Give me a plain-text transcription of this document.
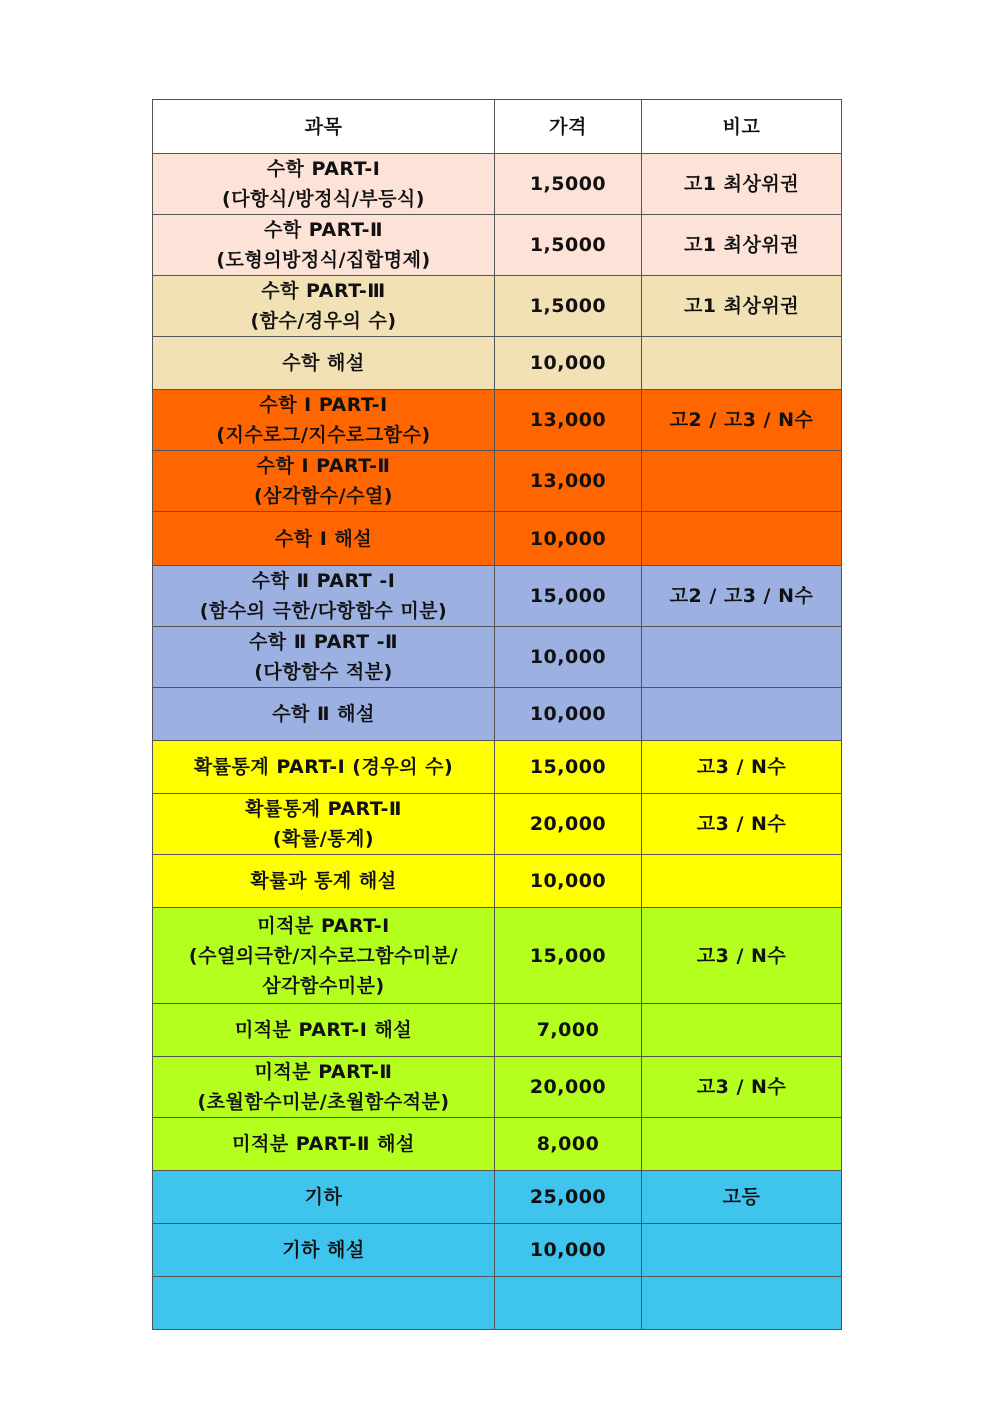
과목	가격	비고

수학 PART-Ⅰ
(다항식/방정식/부등식)	1,5000	고1 최상위권

수학 PART-Ⅱ
(도형의방정식/집합명제)	1,5000	고1 최상위권

수학 PART-Ⅲ
(함수/경우의 수)	1,5000	고1 최상위권

수학 해설	10,000	

수학 Ⅰ PART-Ⅰ
(지수로그/지수로그함수)	13,000	고2 / 고3 / N수

수학 Ⅰ PART-Ⅱ
(삼각함수/수열)	13,000	

수학 Ⅰ 해설	10,000	

수학 Ⅱ PART -Ⅰ
(함수의 극한/다항함수 미분)	15,000	고2 / 고3 / N수

수학 Ⅱ PART -Ⅱ
(다항함수 적분)	10,000	

수학 Ⅱ 해설	10,000	

확률통계 PART-Ⅰ (경우의 수)	15,000	고3 / N수

확률통계 PART-Ⅱ
(확률/통계)	20,000	고3 / N수

확률과 통계 해설	10,000	

미적분 PART-Ⅰ
(수열의극한/지수로그함수미분/
삼각함수미분)	15,000	고3 / N수

미적분 PART-Ⅰ 해설	7,000	

미적분 PART-Ⅱ
(초월함수미분/초월함수적분)	20,000	고3 / N수

미적분 PART-Ⅱ 해설	8,000	

기하	25,000	고등

기하 해설	10,000	
